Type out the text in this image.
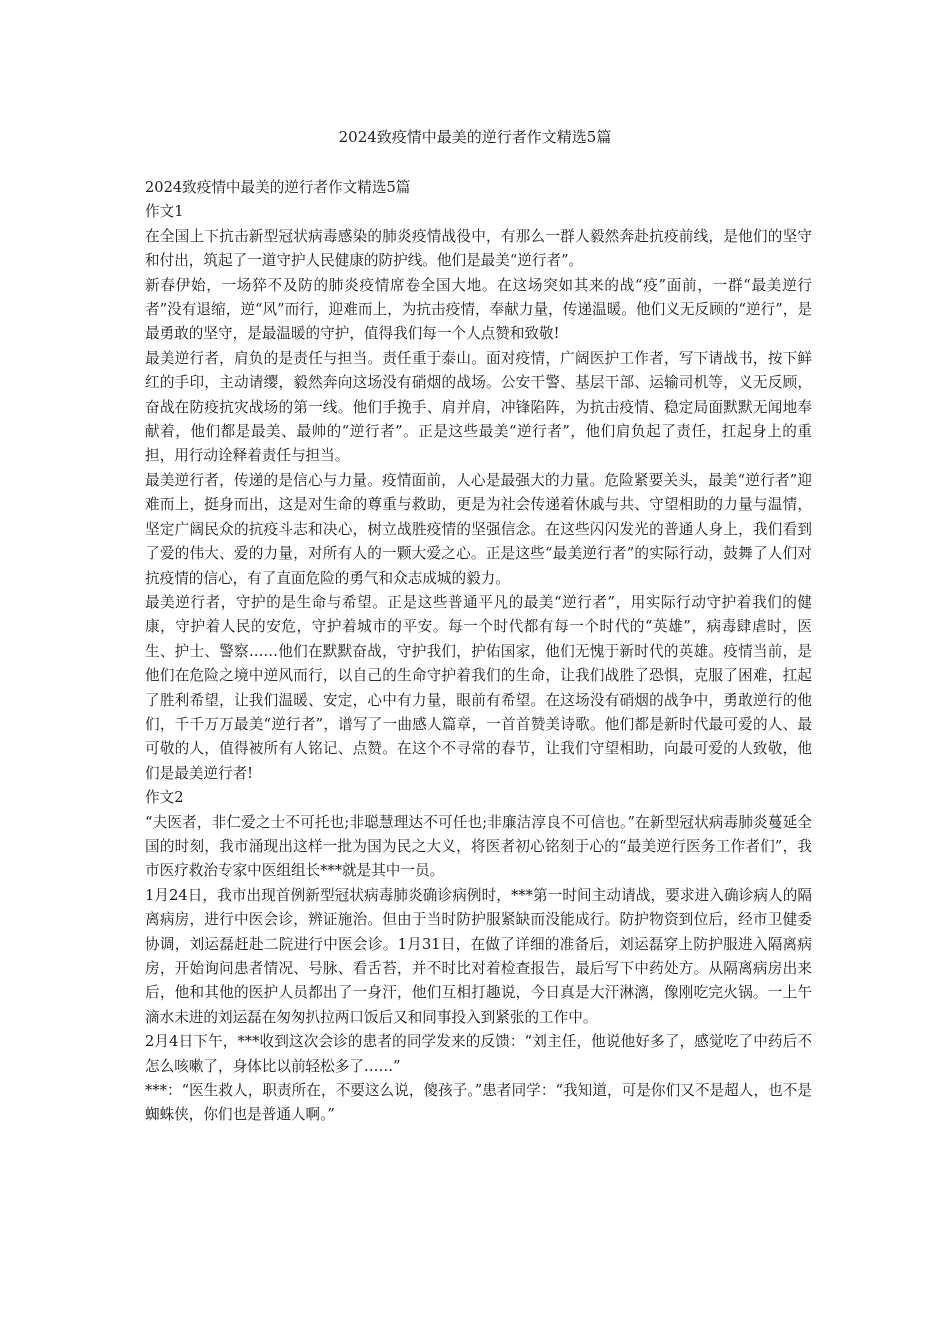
2024致疫情中最美的逆行者作文精选5篇

2024致疫情中最美的逆行者作文精选5篇

作文1

在全国上下抗击新型冠状病毒感染的肺炎疫情战役中，有那么一群人毅然奔赴抗疫前线，是他们的坚守和付出，筑起了一道守护人民健康的防护线。他们是最美“逆行者”。

新春伊始，一场猝不及防的肺炎疫情席卷全国大地。在这场突如其来的战“疫”面前，一群“最美逆行者”没有退缩，逆“风”而行，迎难而上，为抗击疫情，奉献力量，传递温暖。他们义无反顾的“逆行”，是最勇敢的坚守，是最温暖的守护，值得我们每一个人点赞和致敬!

最美逆行者，肩负的是责任与担当。责任重于泰山。面对疫情，广阔医护工作者，写下请战书，按下鲜红的手印，主动请缨，毅然奔向这场没有硝烟的战场。公安干警、基层干部、运输司机等，义无反顾，奋战在防疫抗灾战场的第一线。他们手挽手、肩并肩，冲锋陷阵，为抗击疫情、稳定局面默默无闻地奉献着，他们都是最美、最帅的“逆行者”。正是这些最美“逆行者”，他们肩负起了责任，扛起身上的重担，用行动诠释着责任与担当。

最美逆行者，传递的是信心与力量。疫情面前，人心是最强大的力量。危险紧要关头，最美“逆行者”迎难而上，挺身而出，这是对生命的尊重与救助，更是为社会传递着休戚与共、守望相助的力量与温情，坚定广阔民众的抗疫斗志和决心，树立战胜疫情的坚强信念。在这些闪闪发光的普通人身上，我们看到了爱的伟大、爱的力量，对所有人的一颗大爱之心。正是这些“最美逆行者”的实际行动，鼓舞了人们对抗疫情的信心，有了直面危险的勇气和众志成城的毅力。

最美逆行者，守护的是生命与希望。正是这些普通平凡的最美“逆行者”，用实际行动守护着我们的健康，守护着人民的安危，守护着城市的平安。每一个时代都有每一个时代的“英雄”，病毒肆虐时，医生、护士、警察……他们在默默奋战，守护我们，护佑国家，他们无愧于新时代的英雄。疫情当前，是他们在危险之境中逆风而行，以自己的生命守护着我们的生命，让我们战胜了恐惧，克服了困难，扛起了胜利希望，让我们温暖、安定，心中有力量，眼前有希望。在这场没有硝烟的战争中，勇敢逆行的他们，千千万万最美“逆行者”，谱写了一曲感人篇章，一首首赞美诗歌。他们都是新时代最可爱的人、最可敬的人，值得被所有人铭记、点赞。在这个不寻常的春节，让我们守望相助，向最可爱的人致敬，他们是最美逆行者!

作文2

“夫医者，非仁爱之士不可托也;非聪慧理达不可任也;非廉洁淳良不可信也。”在新型冠状病毒肺炎蔓延全国的时刻，我市涌现出这样一批为国为民之大义，将医者初心铭刻于心的“最美逆行医务工作者们”，我市医疗救治专家中医组组长***就是其中一员。

1月24日，我市出现首例新型冠状病毒肺炎确诊病例时，***第一时间主动请战，要求进入确诊病人的隔离病房，进行中医会诊，辨证施治。但由于当时防护服紧缺而没能成行。防护物资到位后，经市卫健委协调，刘运磊赶赴二院进行中医会诊。1月31日，在做了详细的准备后，刘运磊穿上防护服进入隔离病房，开始询问患者情况、号脉、看舌苔，并不时比对着检查报告，最后写下中药处方。从隔离病房出来后，他和其他的医护人员都出了一身汗，他们互相打趣说，今日真是大汗淋漓，像刚吃完火锅。一上午滴水未进的刘运磊在匆匆扒拉两口饭后又和同事投入到紧张的工作中。

2月4日下午，***收到这次会诊的患者的同学发来的反馈：“刘主任，他说他好多了，感觉吃了中药后不怎么咳嗽了，身体比以前轻松多了……”

***：“医生救人，职责所在，不要这么说，傻孩子。”患者同学：“我知道，可是你们又不是超人，也不是蜘蛛侠，你们也是普通人啊。”
